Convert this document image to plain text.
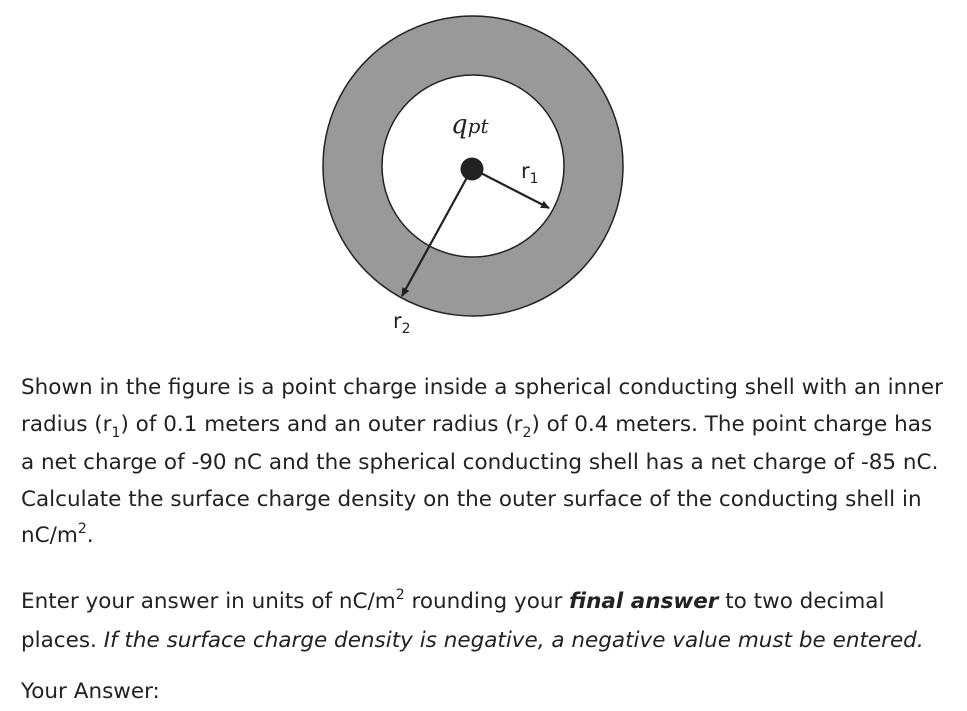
qpt
$r_1$
$r_2$

Shown in the figure is a point charge inside a spherical conducting shell with an inner radius $(r_1)$ of 0.1 meters and an outer radius $(r_2)$ of 0.4 meters. The point charge has a net charge of -90 nC and the spherical conducting shell has a net charge of -85 nC. Calculate the surface charge density on the outer surface of the conducting shell in $nC/m^2$.

Enter your answer in units of $nC/m^2$ rounding your final answer to two decimal places. If the surface charge density is negative, a negative value must be entered.

Your Answer:
